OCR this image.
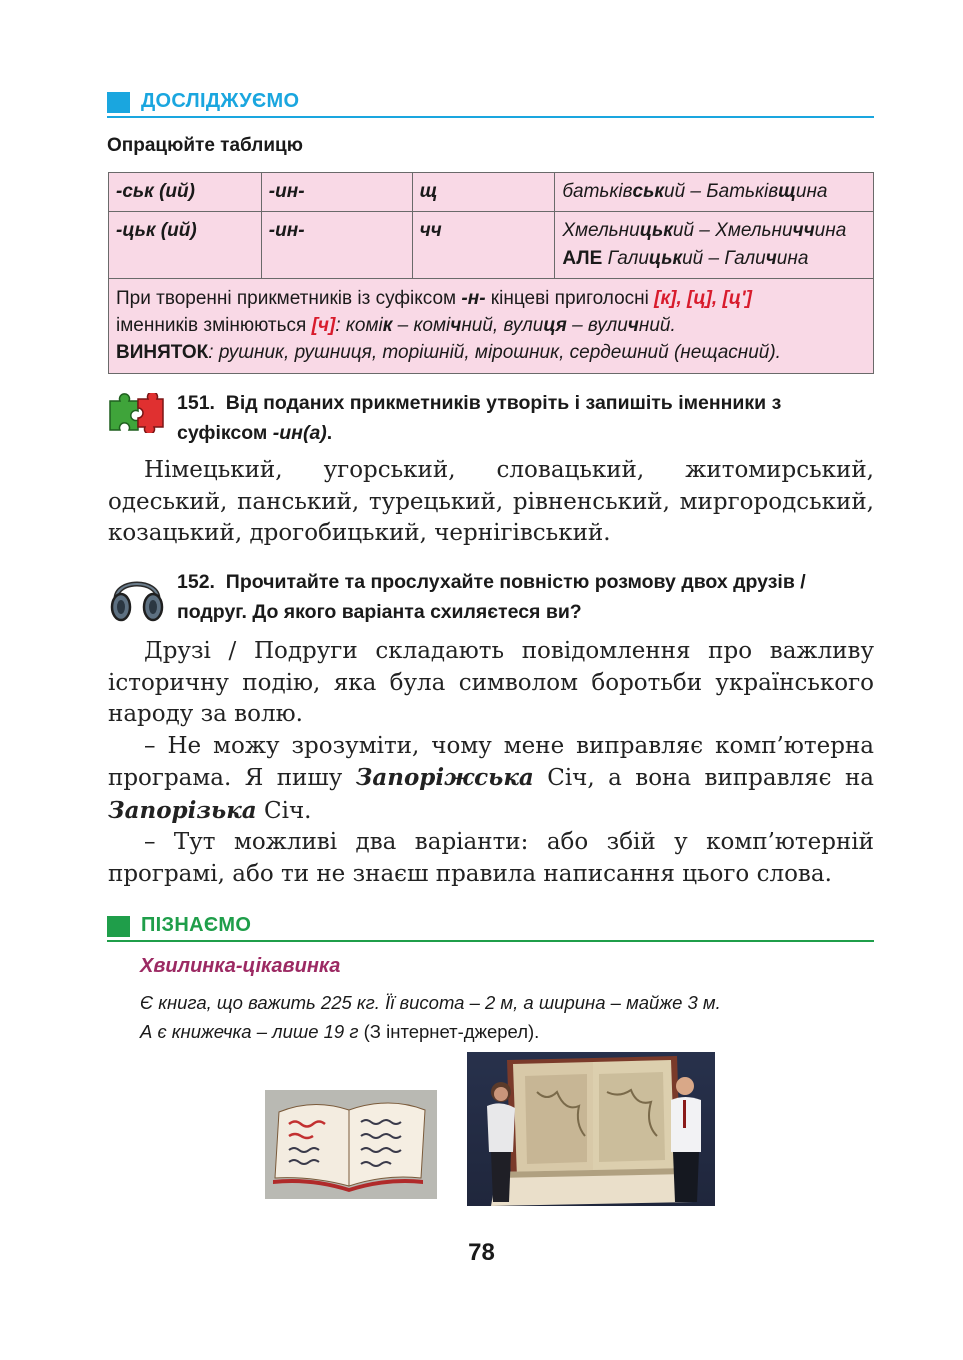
ДОСЛІДЖУЄМО
Опрацюйте таблицю
-ськ (ий)	-ин-	щ	батьківський – Батьківщина
-цьк (ий)	-ин-	чч	Хмельницький – Хмельниччина
АЛЕ Галицький – Галичина
При творенні прикметників із суфіксом -н- кінцеві приголосні [к], [ц], [ц']
іменників змінюються [ч]: комік – комічний, вулиця – вуличний.
ВИНЯТОК: рушник, рушниця, торішній, мірошник, сердешний (нещасний).			
151. Від поданих прикметників утворіть і запишіть іменники з суфіксом -ин(а).

Німецький, угорський, словацький, житомирський, одеський, панський, турецький, рівненський, миргородський, козацький, дрогобицький, чернігівський.

152. Прочитайте та прослухайте повністю розмову двох друзів / подруг. До якого варіанта схиляєтеся ви?

Друзі / Подруги складають повідомлення про важливу історичну подію, яка була символом боротьби українського народу за волю.

– Не можу зрозуміти, чому мене виправляє комп’ютерна програма. Я пишу Запоріжська Січ, а вона виправляє на Запорізька Січ.

– Тут можливі два варіанти: або збій у комп’ютерній програмі, або ти не знаєш правила написання цього слова.

ПІЗНАЄМО
Хвилинка-цікавинка
Є книга, що важить 225 кг. Її висота – 2 м, а ширина – майже 3 м.
А є книжечка – лише 19 г (З інтернет-джерел).
78
